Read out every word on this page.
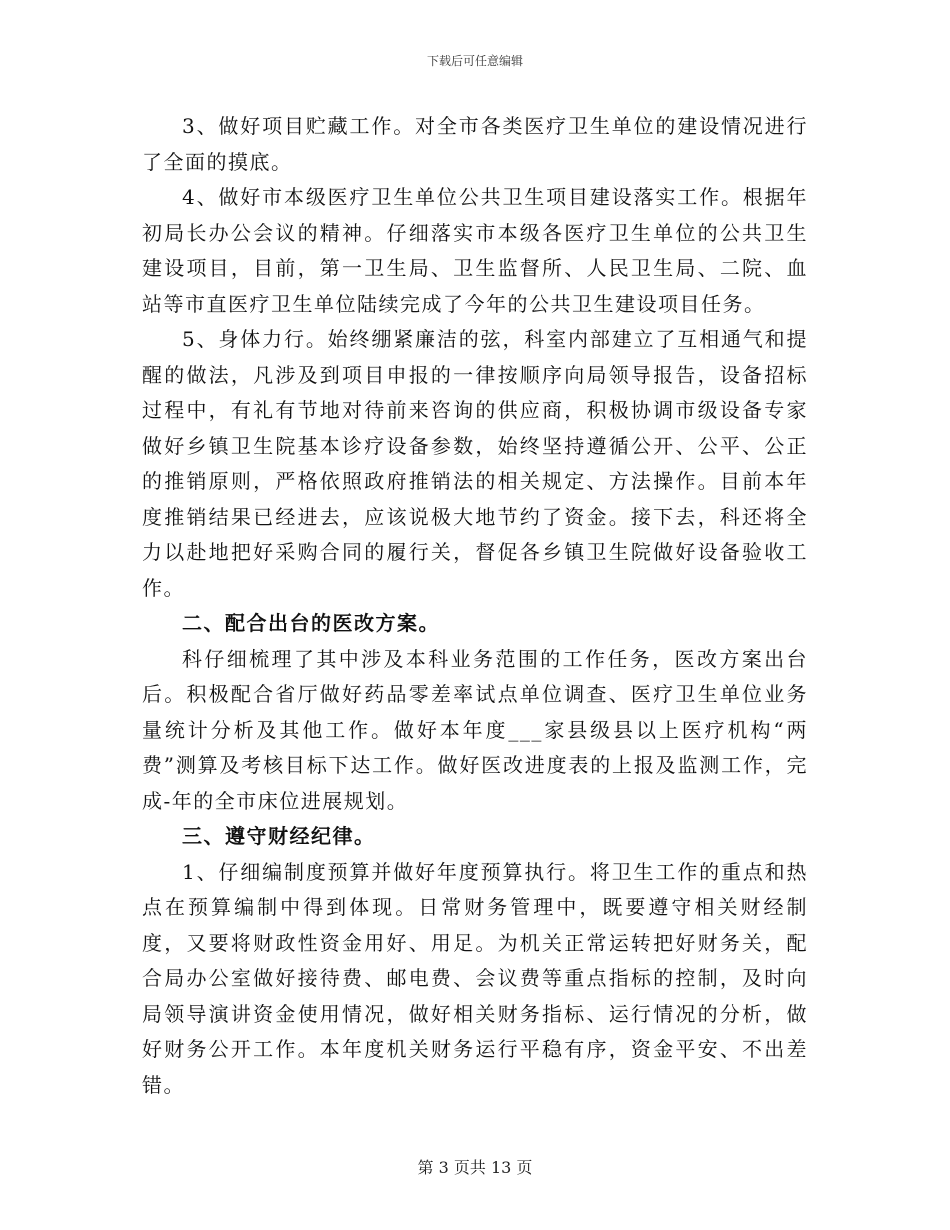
下载后可任意编辑

3、做好项目贮藏工作。对全市各类医疗卫生单位的建设情况进行了全面的摸底。

4、做好市本级医疗卫生单位公共卫生项目建设落实工作。根据年初局长办公会议的精神。仔细落实市本级各医疗卫生单位的公共卫生建设项目，目前，第一卫生局、卫生监督所、人民卫生局、二院、血站等市直医疗卫生单位陆续完成了今年的公共卫生建设项目任务。

5、身体力行。始终绷紧廉洁的弦，科室内部建立了互相通气和提醒的做法，凡涉及到项目申报的一律按顺序向局领导报告，设备招标过程中，有礼有节地对待前来咨询的供应商，积极协调市级设备专家做好乡镇卫生院基本诊疗设备参数，始终坚持遵循公开、公平、公正的推销原则，严格依照政府推销法的相关规定、方法操作。目前本年度推销结果已经进去，应该说极大地节约了资金。接下去，科还将全力以赴地把好采购合同的履行关，督促各乡镇卫生院做好设备验收工作。

二、配合出台的医改方案。

科仔细梳理了其中涉及本科业务范围的工作任务，医改方案出台后。积极配合省厅做好药品零差率试点单位调查、医疗卫生单位业务量统计分析及其他工作。做好本年度___家县级县以上医疗机构“两费”测算及考核目标下达工作。做好医改进度表的上报及监测工作，完成-年的全市床位进展规划。

三、遵守财经纪律。

1、仔细编制度预算并做好年度预算执行。将卫生工作的重点和热点在预算编制中得到体现。日常财务管理中，既要遵守相关财经制度，又要将财政性资金用好、用足。为机关正常运转把好财务关，配合局办公室做好接待费、邮电费、会议费等重点指标的控制，及时向局领导演讲资金使用情况，做好相关财务指标、运行情况的分析，做好财务公开工作。本年度机关财务运行平稳有序，资金平安、不出差错。

第 3 页共 13 页
